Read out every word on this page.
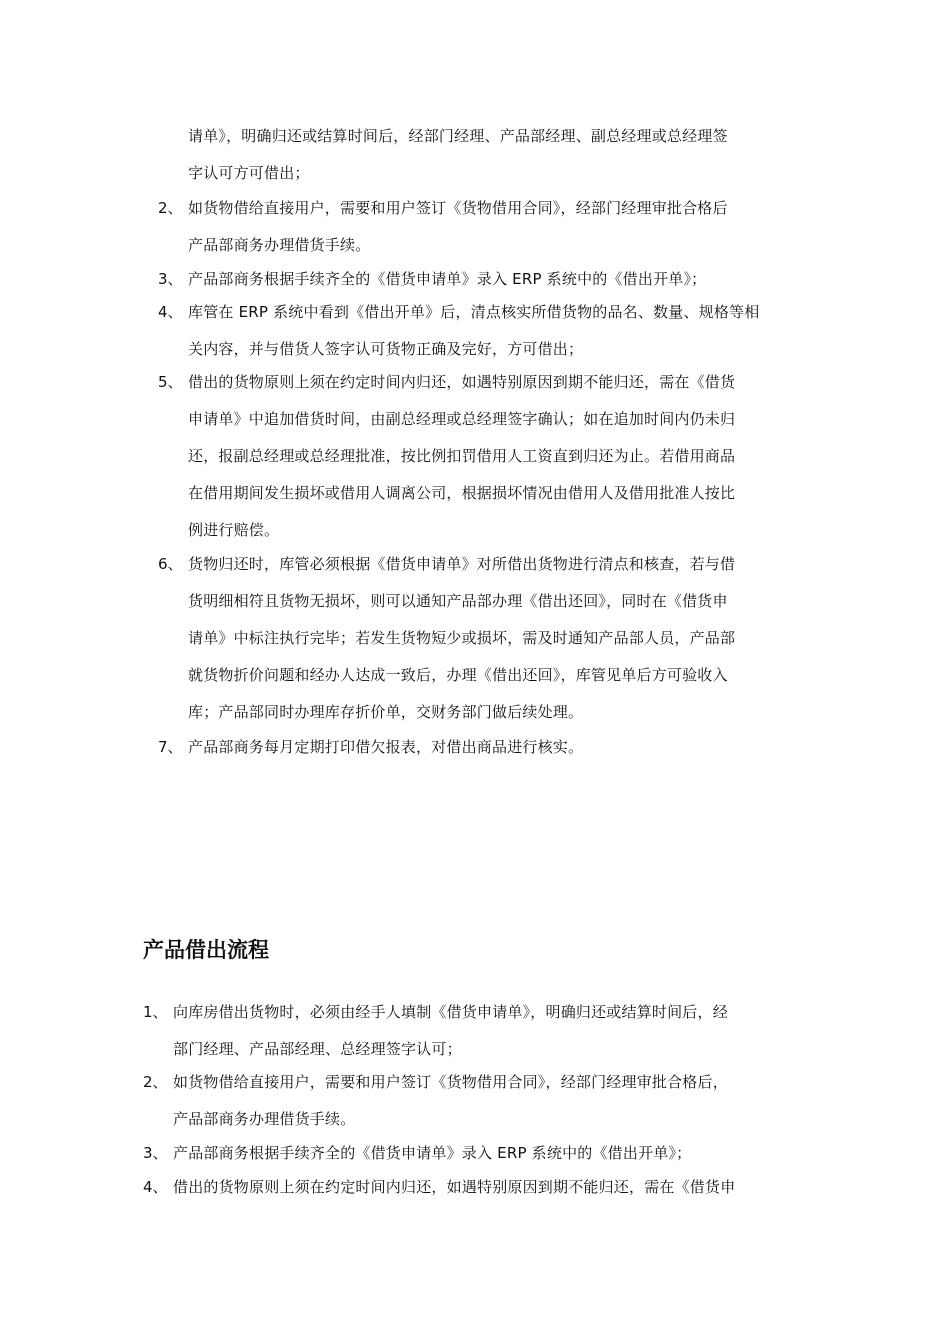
请单》，明确归还或结算时间后，经部门经理、产品部经理、副总经理或总经理签
字认可方可借出；
2、 如货物借给直接用户，需要和用户签订《货物借用合同》，经部门经理审批合格后
产品部商务办理借货手续。
3、 产品部商务根据手续齐全的《借货申请单》录入 ERP 系统中的《借出开单》；
4、 库管在 ERP 系统中看到《借出开单》后，清点核实所借货物的品名、数量、规格等相
关内容，并与借货人签字认可货物正确及完好，方可借出；
5、 借出的货物原则上须在约定时间内归还，如遇特别原因到期不能归还，需在《借货
申请单》中追加借货时间，由副总经理或总经理签字确认；如在追加时间内仍未归
还，报副总经理或总经理批准，按比例扣罚借用人工资直到归还为止。若借用商品
在借用期间发生损坏或借用人调离公司，根据损坏情况由借用人及借用批准人按比
例进行赔偿。
6、 货物归还时，库管必须根据《借货申请单》对所借出货物进行清点和核查，若与借
货明细相符且货物无损坏，则可以通知产品部办理《借出还回》，同时在《借货申
请单》中标注执行完毕；若发生货物短少或损坏，需及时通知产品部人员，产品部
就货物折价问题和经办人达成一致后，办理《借出还回》，库管见单后方可验收入
库；产品部同时办理库存折价单，交财务部门做后续处理。
7、 产品部商务每月定期打印借欠报表，对借出商品进行核实。
产品借出流程
1、 向库房借出货物时，必须由经手人填制《借货申请单》，明确归还或结算时间后，经
部门经理、产品部经理、总经理签字认可；
2、 如货物借给直接用户，需要和用户签订《货物借用合同》，经部门经理审批合格后，
产品部商务办理借货手续。
3、 产品部商务根据手续齐全的《借货申请单》录入 ERP 系统中的《借出开单》；
4、 借出的货物原则上须在约定时间内归还，如遇特别原因到期不能归还，需在《借货申
